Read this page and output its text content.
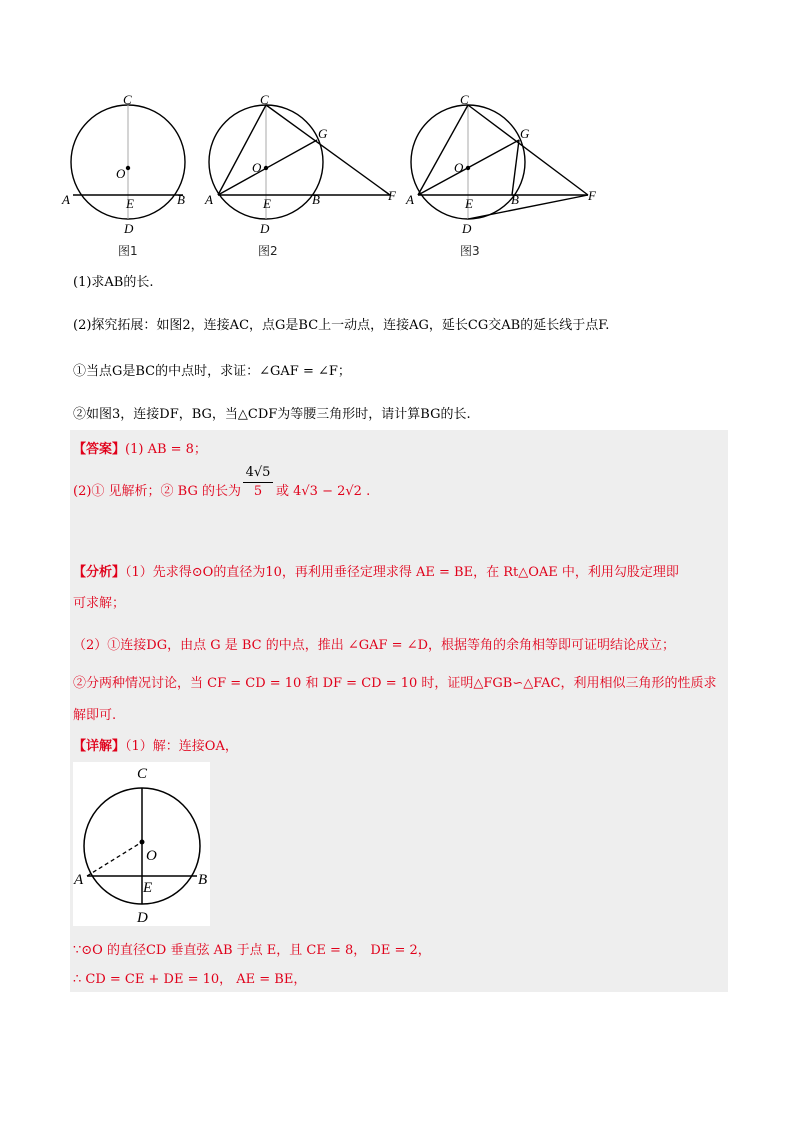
C
O
A	B
E
D
图1
C
O
G
A	B
E
D
F
图2
C
O
G
A	B
E
D
F
图3
(1)求AB的长.
(2)探究拓展：如图2，连接AC，点G是BC上一动点，连接AG，延长CG交AB的延长线于点F.
①当点G是BC的中点时，求证：∠GAF = ∠F；
②如图3，连接DF，BG，当△CDF为等腰三角形时，请计算BG的长.
【答案】(1) AB = 8；
(2)① 见解析；② BG 的长为 $\frac{4√5}{5}$ 或 4√3 − 2√2 .
【分析】（1）先求得⊙O的直径为10，再利用垂径定理求得 AE = BE，在 Rt△OAE 中，利用勾股定理即
可求解；
（2）①连接DG，由点 G 是 BC 的中点，推出 ∠GAF = ∠D，根据等角的余角相等即可证明结论成立；
②分两种情况讨论，当 CF = CD = 10 和 DF = CD = 10 时，证明△FGB∽△FAC，利用相似三角形的性质求
解即可.
【详解】（1）解：连接OA，
C
O
A	B
E
D
∵⊙O 的直径CD 垂直弦 AB 于点 E，且 CE = 8， DE = 2，
∴ CD = CE + DE = 10， AE = BE，
